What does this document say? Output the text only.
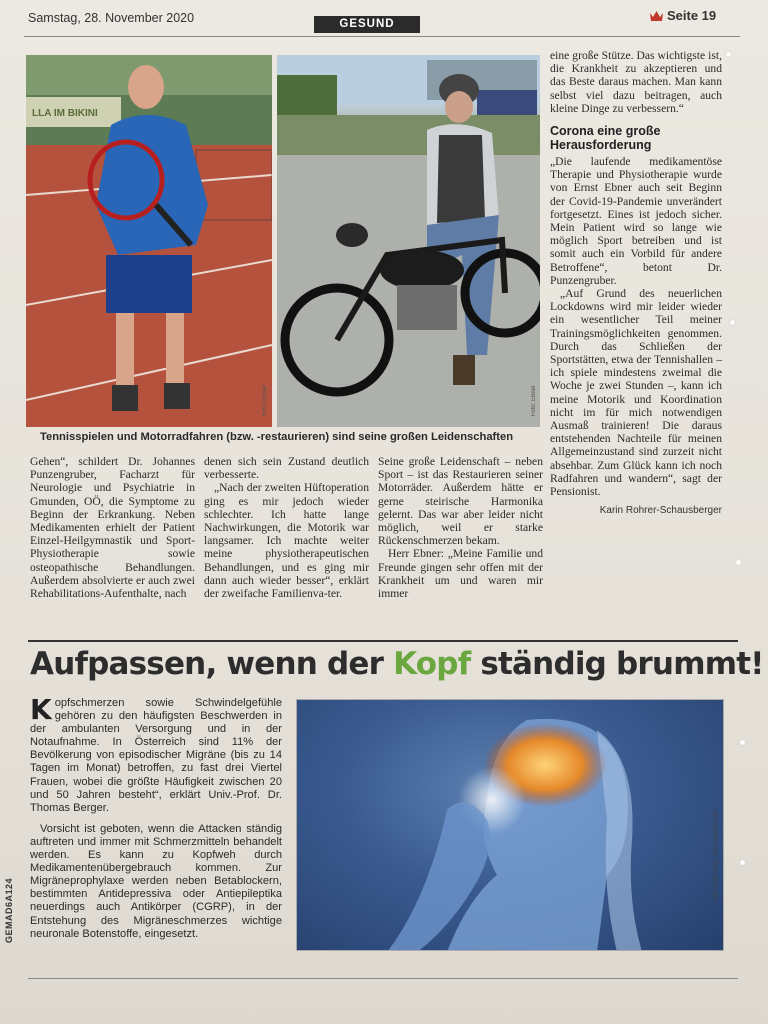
Samstag, 28. November 2020	GESUND
Seite 19
LLA IM BIKINI
Foto: Ebner	Foto: Ebner
Tennisspielen und Motorradfahren (bzw. -restaurieren) sind seine großen Leidenschaften

Gehen“, schildert Dr. Johannes Punzengruber, Facharzt für Neurologie und Psychiatrie in Gmunden, OÖ, die Symptome zu Beginn der Erkrankung. Neben Medikamenten erhielt der Patient Einzel-Heilgymnastik und Sport-Physiotherapie sowie osteopathische Behandlungen. Außerdem absolvierte er auch zwei Rehabilitations-Aufenthalte, nach

denen sich sein Zustand deutlich verbesserte.

„Nach der zweiten Hüftoperation ging es mir jedoch wieder schlechter. Ich hatte lange Nachwirkungen, die Motorik war langsamer. Ich machte weiter meine physiotherapeutischen Behandlungen, und es ging mir dann auch wieder besser“, erklärt der zweifache Familienva-ter.

Seine große Leidenschaft – neben Sport – ist das Restaurieren seiner Motorräder. Außerdem hätte er gerne steirische Harmonika gelernt. Das war aber leider nicht möglich, weil er starke Rückenschmerzen bekam.

Herr Ebner: „Meine Familie und Freunde gingen sehr offen mit der Krankheit um und waren mir immer

eine große Stütze. Das wichtigste ist, die Krankheit zu akzeptieren und das Beste daraus machen. Man kann selbst viel dazu beitragen, auch kleine Dinge zu verbessern.“

Corona eine große Herausforderung

„Die laufende medikamentöse Therapie und Physiotherapie wurde von Ernst Ebner auch seit Beginn der Covid-19-Pandemie unverändert fortgesetzt. Eines ist jedoch sicher. Mein Patient wird so lange wie möglich Sport betreiben und ist somit auch ein Vorbild für andere Betroffene“, betont Dr. Punzengruber.

„Auf Grund des neuerlichen Lockdowns wird mir leider wieder ein wesentlicher Teil meiner Trainingsmöglichkeiten genommen. Durch das Schließen der Sportstätten, etwa der Tennishallen – ich spiele mindestens zweimal die Woche je zwei Stunden –, kann ich meine Motorik und Koordination nicht im für mich notwendigen Ausmaß trainieren! Die daraus entstehenden Nachteile für meinen Allgemeinzustand sind zurzeit nicht absehbar. Zum Glück kann ich noch Radfahren und wandern“, sagt der Pensionist.

Karin Rohrer-Schausberger
Aufpassen, wenn der Kopf ständig brummt!

Kopfschmerzen sowie Schwindelgefühle gehören zu den häufigsten Beschwerden in der ambulanten Versorgung und in der Notaufnahme. In Österreich sind 11% der Bevölkerung von episodischer Migräne (bis zu 14 Tagen im Monat) betroffen, zu fast drei Viertel Frauen, wobei die größte Häufigkeit zwischen 20 und 50 Jahren besteht“, erklärt Univ.-Prof. Dr. Thomas Berger.

Vorsicht ist geboten, wenn die Attacken ständig auftreten und immer mit Schmerzmitteln behandelt werden. Es kann zu Kopfweh durch Medikamentenübergebrauch kommen. Zur Migräneprophylaxe werden neben Betablockern, bestimmten Antidepressiva oder Antiepileptika neuerdings auch Antikörper (CGRP), in der Entstehung des Migräneschmerzes wichtige neuronale Botenstoffe, eingesetzt.

GEMAD6A124
Foto: Axel Kock - stock.adobe.com
